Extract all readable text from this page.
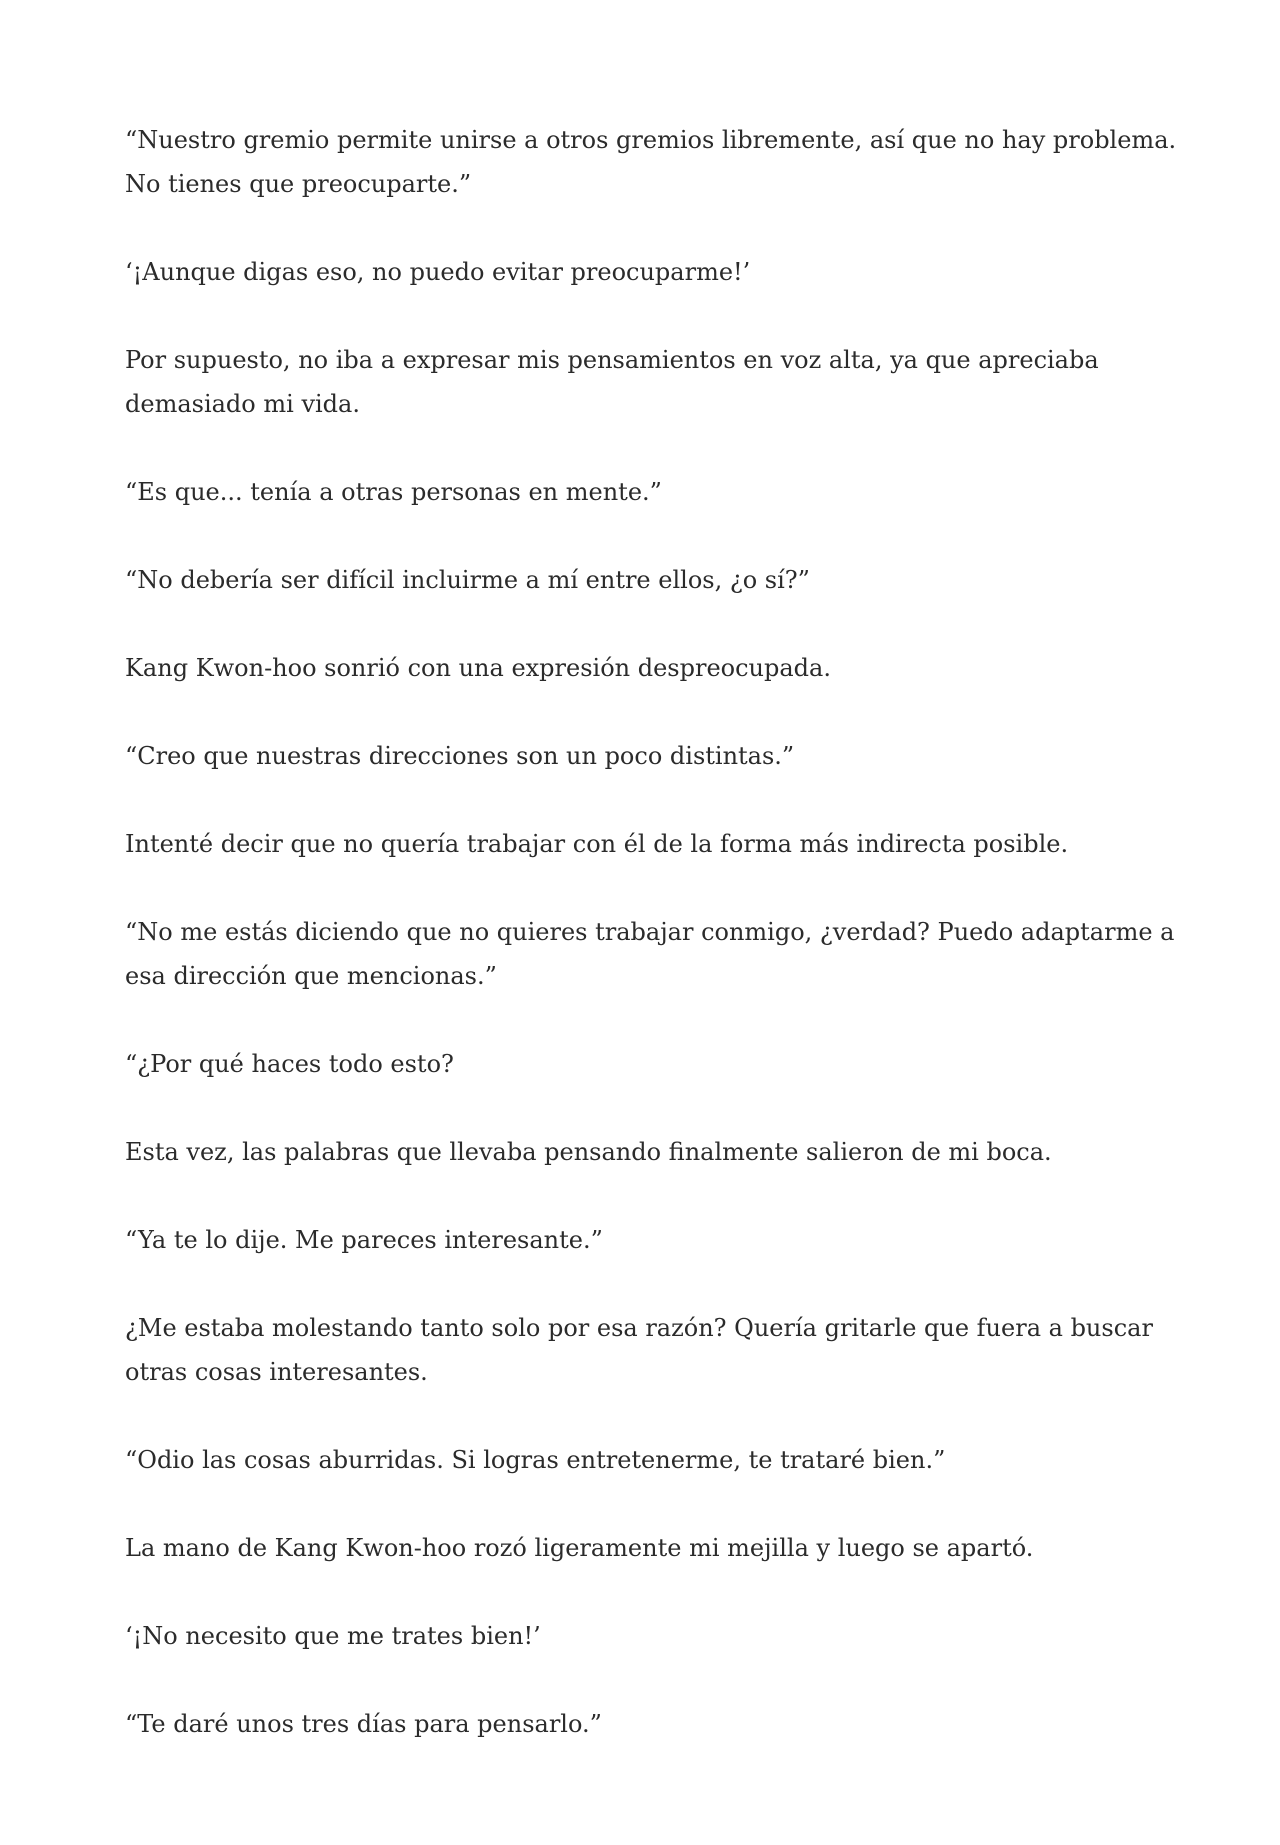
“Nuestro gremio permite unirse a otros gremios libremente, así que no hay problema. No tienes que preocuparte.”

‘¡Aunque digas eso, no puedo evitar preocuparme!’

Por supuesto, no iba a expresar mis pensamientos en voz alta, ya que apreciaba demasiado mi vida.

“Es que... tenía a otras personas en mente.”

“No debería ser difícil incluirme a mí entre ellos, ¿o sí?”

Kang Kwon-hoo sonrió con una expresión despreocupada.

“Creo que nuestras direcciones son un poco distintas.”

Intenté decir que no quería trabajar con él de la forma más indirecta posible.

“No me estás diciendo que no quieres trabajar conmigo, ¿verdad? Puedo adaptarme a esa dirección que mencionas.”

“¿Por qué haces todo esto?

Esta vez, las palabras que llevaba pensando finalmente salieron de mi boca.

“Ya te lo dije. Me pareces interesante.”

¿Me estaba molestando tanto solo por esa razón? Quería gritarle que fuera a buscar otras cosas interesantes.

“Odio las cosas aburridas. Si logras entretenerme, te trataré bien.”

La mano de Kang Kwon-hoo rozó ligeramente mi mejilla y luego se apartó.

‘¡No necesito que me trates bien!’

“Te daré unos tres días para pensarlo.”
